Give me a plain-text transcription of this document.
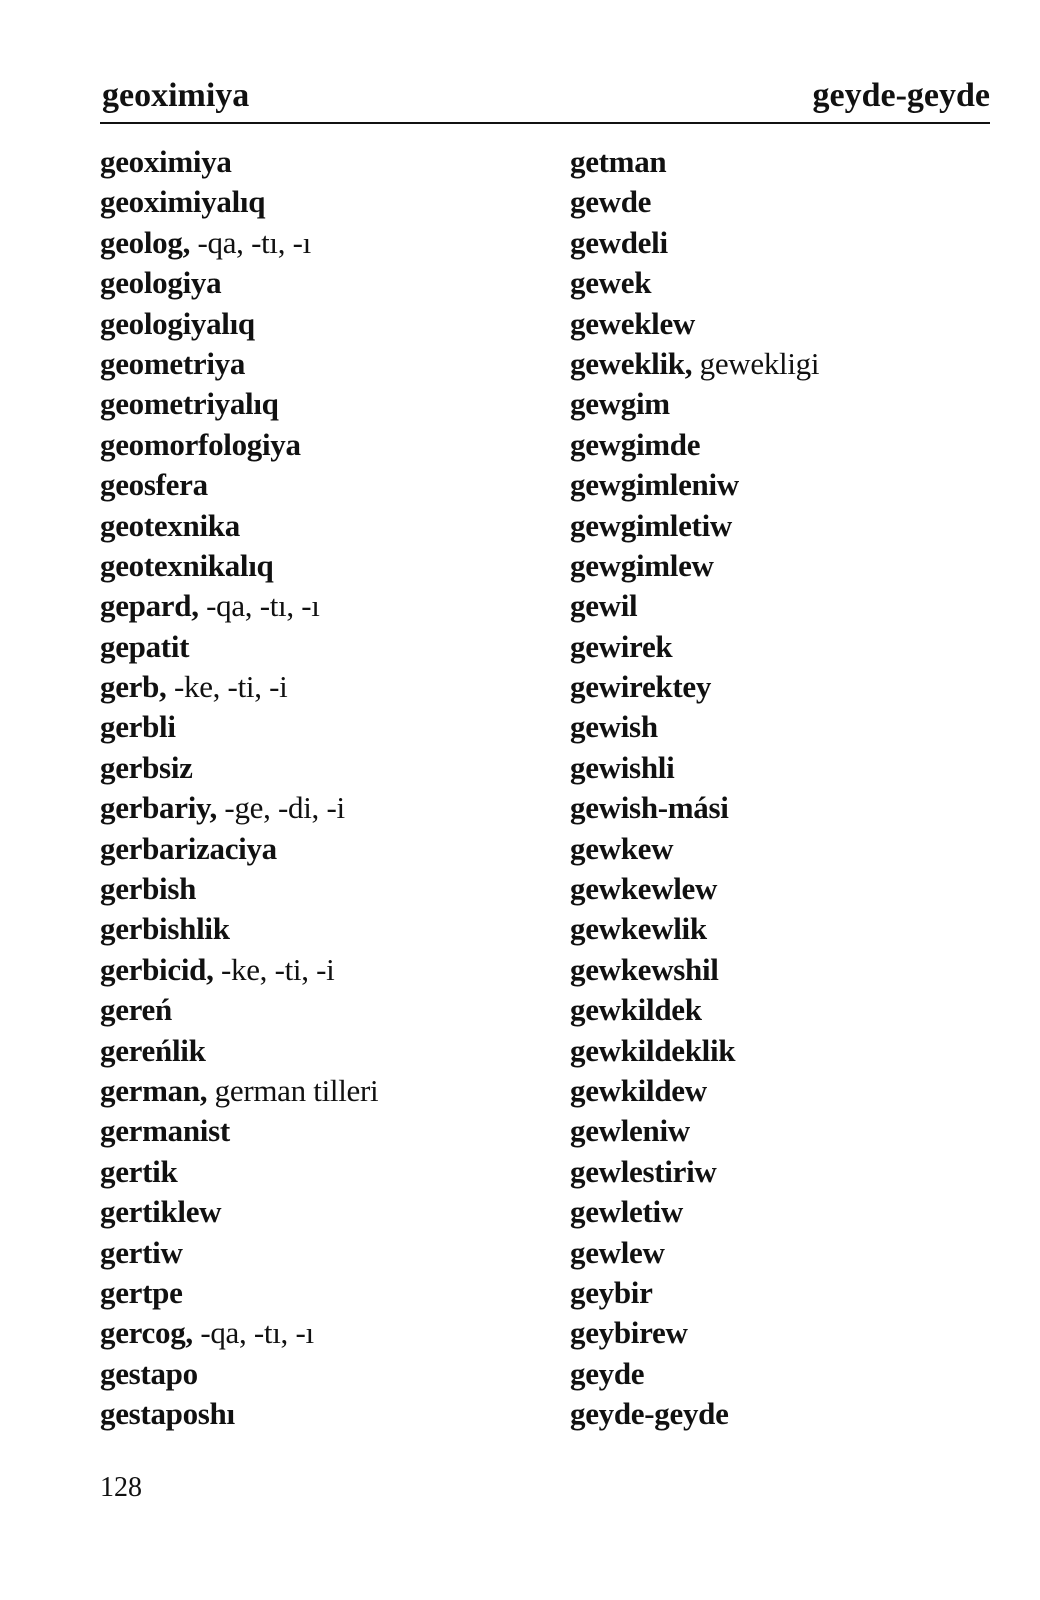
geoximiya	geyde-geyde
geoximiya
geoximiyalıq
geolog, -qa, -tı, -ı
geologiya
geologiyalıq
geometriya
geometriyalıq
geomorfologiya
geosfera
geotexnika
geotexnikalıq
gepard, -qa, -tı, -ı
gepatit
gerb, -ke, -ti, -i
gerbli
gerbsiz
gerbariy, -ge, -di, -i
gerbarizaciya
gerbish
gerbishlik
gerbicid, -ke, -ti, -i
gereń
gereńlik
german, german tilleri
germanist
gertik
gertiklew
gertiw
gertpe
gercog, -qa, -tı, -ı
gestapo
gestaposhı
getman
gewde
gewdeli
gewek
geweklew
geweklik, gewekligi
gewgim
gewgimde
gewgimleniw
gewgimletiw
gewgimlew
gewil
gewirek
gewirektey
gewish
gewishli
gewish-mási
gewkew
gewkewlew
gewkewlik
gewkewshil
gewkildek
gewkildeklik
gewkildew
gewleniw
gewlestiriw
gewletiw
gewlew
geybir
geybirew
geyde
geyde-geyde
128
